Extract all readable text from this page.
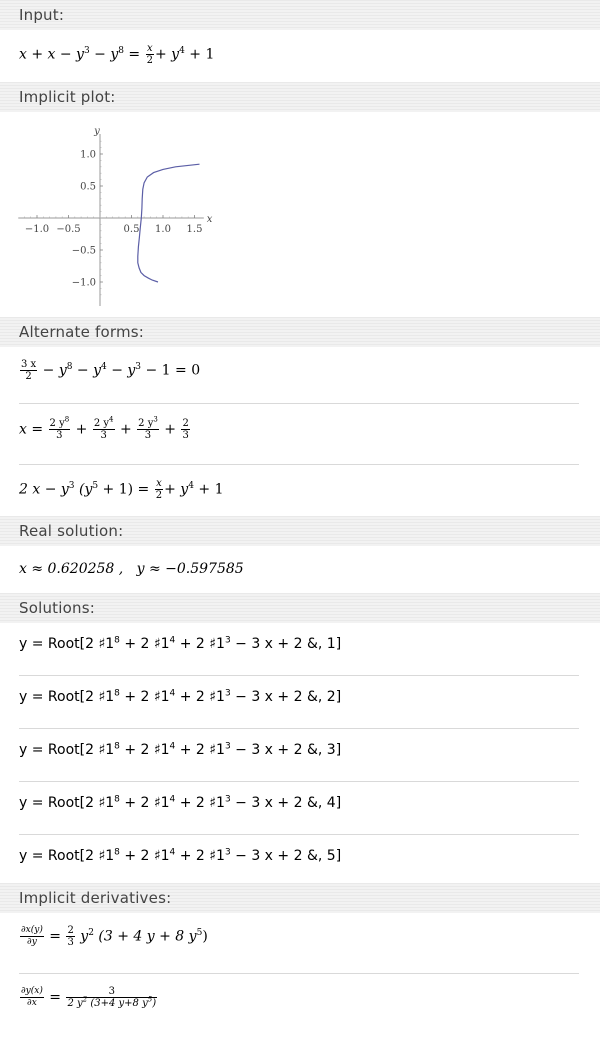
Input:
$x + x - y^3 - y^8 = \frac{x}{2} + y^4 + 1$
Implicit plot:
−1.0 −0.5	0.5 1.0 1.5
1.0
0.5
−0.5
−1.0
x
y
Alternate forms:
$\frac{3 x}{2} - y^8 - y^4 - y^3 - 1 = 0$
$x = \frac{2 y^8}{3} + \frac{2 y^4}{3} + \frac{2 y^3}{3} + \frac{2}{3}$
2 $x - y^3$ $(y^5 + 1) = \frac{x}{2} + y^4 + 1$
Real solution:
x ≈ 0.620258 , y ≈ −0.597585
Solutions:
y = Root[2 $♯1^8 + 2$ $♯1^4 + 2$ $♯1^3 - 3$ x + 2 &, 1]
y = Root[2 $♯1^8 + 2$ $♯1^4 + 2$ $♯1^3 - 3$ x + 2 &, 2]
y = Root[2 $♯1^8 + 2$ $♯1^4 + 2$ $♯1^3 - 3$ x + 2 &, 3]
y = Root[2 $♯1^8 + 2$ $♯1^4 + 2$ $♯1^3 - 3$ x + 2 &, 4]
y = Root[2 $♯1^8 + 2$ $♯1^4 + 2$ $♯1^3 - 3$ x + 2 &, 5]
Implicit derivatives:
$\frac{\partial x(y)}{\partial y} = \frac{2}{3} y^2$ (3 + 4 y + 8 $y^5$)
$\frac{\partial y(x)}{\partial x} = \frac{3}{2 y^2 (3+4 y+8 y^5)}$
